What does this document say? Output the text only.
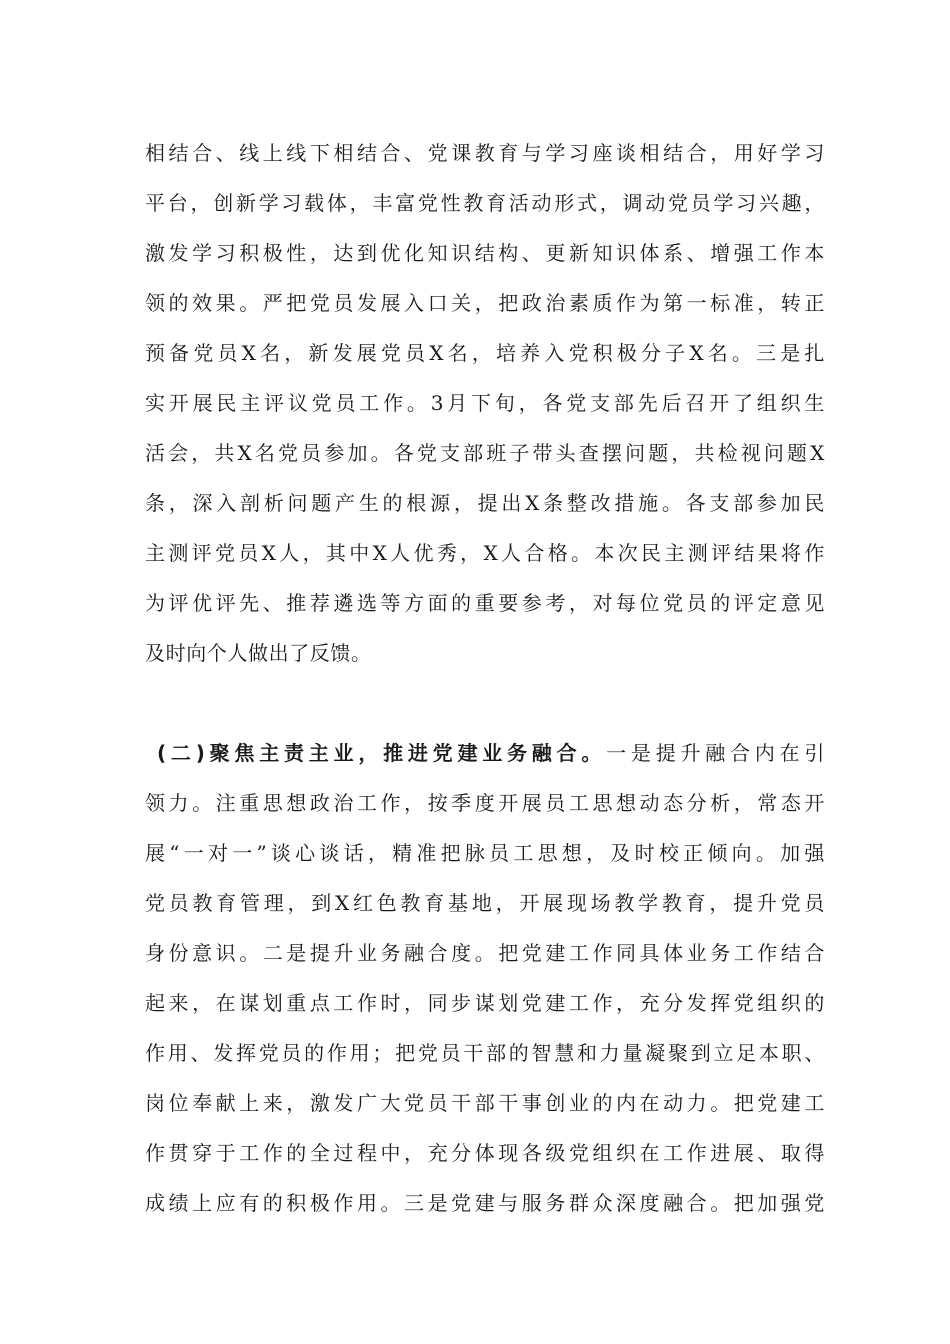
相结合、线上线下相结合、党课教育与学习座谈相结合，用好学习
平台，创新学习载体，丰富党性教育活动形式，调动党员学习兴趣，
激发学习积极性，达到优化知识结构、更新知识体系、增强工作本
领的效果。严把党员发展入口关，把政治素质作为第一标准，转正
预备党员X名，新发展党员X名，培养入党积极分子X名。三是扎
实开展民主评议党员工作。3月下旬，各党支部先后召开了组织生
活会，共X名党员参加。各党支部班子带头查摆问题，共检视问题X
条，深入剖析问题产生的根源，提出X条整改措施。各支部参加民
主测评党员X人，其中X人优秀，X人合格。本次民主测评结果将作
为评优评先、推荐遴选等方面的重要参考，对每位党员的评定意见
及时向个人做出了反馈。
(二)聚焦主责主业，推进党建业务融合。一是提升融合内在引
领力。注重思想政治工作，按季度开展员工思想动态分析，常态开
展“一对一”谈心谈话，精准把脉员工思想，及时校正倾向。加强
党员教育管理，到X红色教育基地，开展现场教学教育，提升党员
身份意识。二是提升业务融合度。把党建工作同具体业务工作结合
起来，在谋划重点工作时，同步谋划党建工作，充分发挥党组织的
作用、发挥党员的作用；把党员干部的智慧和力量凝聚到立足本职、
岗位奉献上来，激发广大党员干部干事创业的内在动力。把党建工
作贯穿于工作的全过程中，充分体现各级党组织在工作进展、取得
成绩上应有的积极作用。三是党建与服务群众深度融合。把加强党
